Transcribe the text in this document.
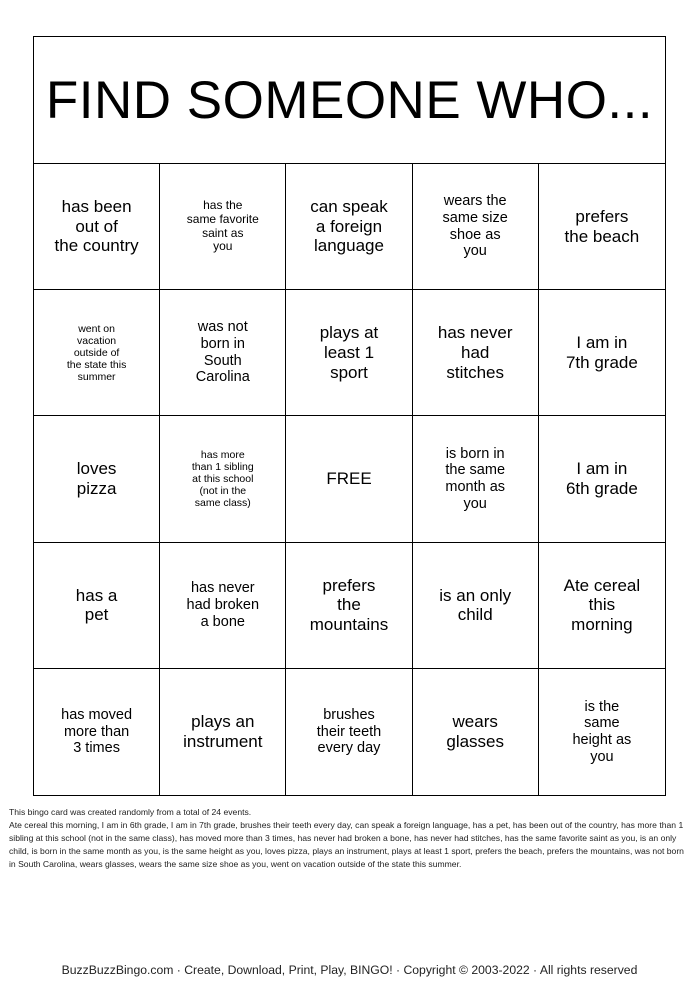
FIND SOMEONE WHO...
has been
out of
the country
has the
same favorite
saint as
you
can speak
a foreign
language
wears the
same size
shoe as
you
prefers
the beach
went on
vacation
outside of
the state this
summer
was not
born in
South
Carolina
plays at
least 1
sport
has never
had
stitches
I am in
7th grade
loves
pizza
has more
than 1 sibling
at this school
(not in the
same class)
FREE
is born in
the same
month as
you
I am in
6th grade
has a
pet
has never
had broken
a bone
prefers
the
mountains
is an only
child
Ate cereal
this
morning
has moved
more than
3 times
plays an
instrument
brushes
their teeth
every day
wears
glasses
is the
same
height as
you
This bingo card was created randomly from a total of 24 events.
Ate cereal this morning, I am in 6th grade, I am in 7th grade, brushes their teeth every day, can speak a foreign language, has a pet, has been out of the country, has more than 1 sibling at this school (not in the same class), has moved more than 3 times, has never had broken a bone, has never had stitches, has the same favorite saint as you, is an only child, is born in the same month as you, is the same height as you, loves pizza, plays an instrument, plays at least 1 sport, prefers the beach, prefers the mountains, was not born in South Carolina, wears glasses, wears the same size shoe as you, went on vacation outside of the state this summer.
BuzzBuzzBingo.com · Create, Download, Print, Play, BINGO! · Copyright © 2003-2022 · All rights reserved
